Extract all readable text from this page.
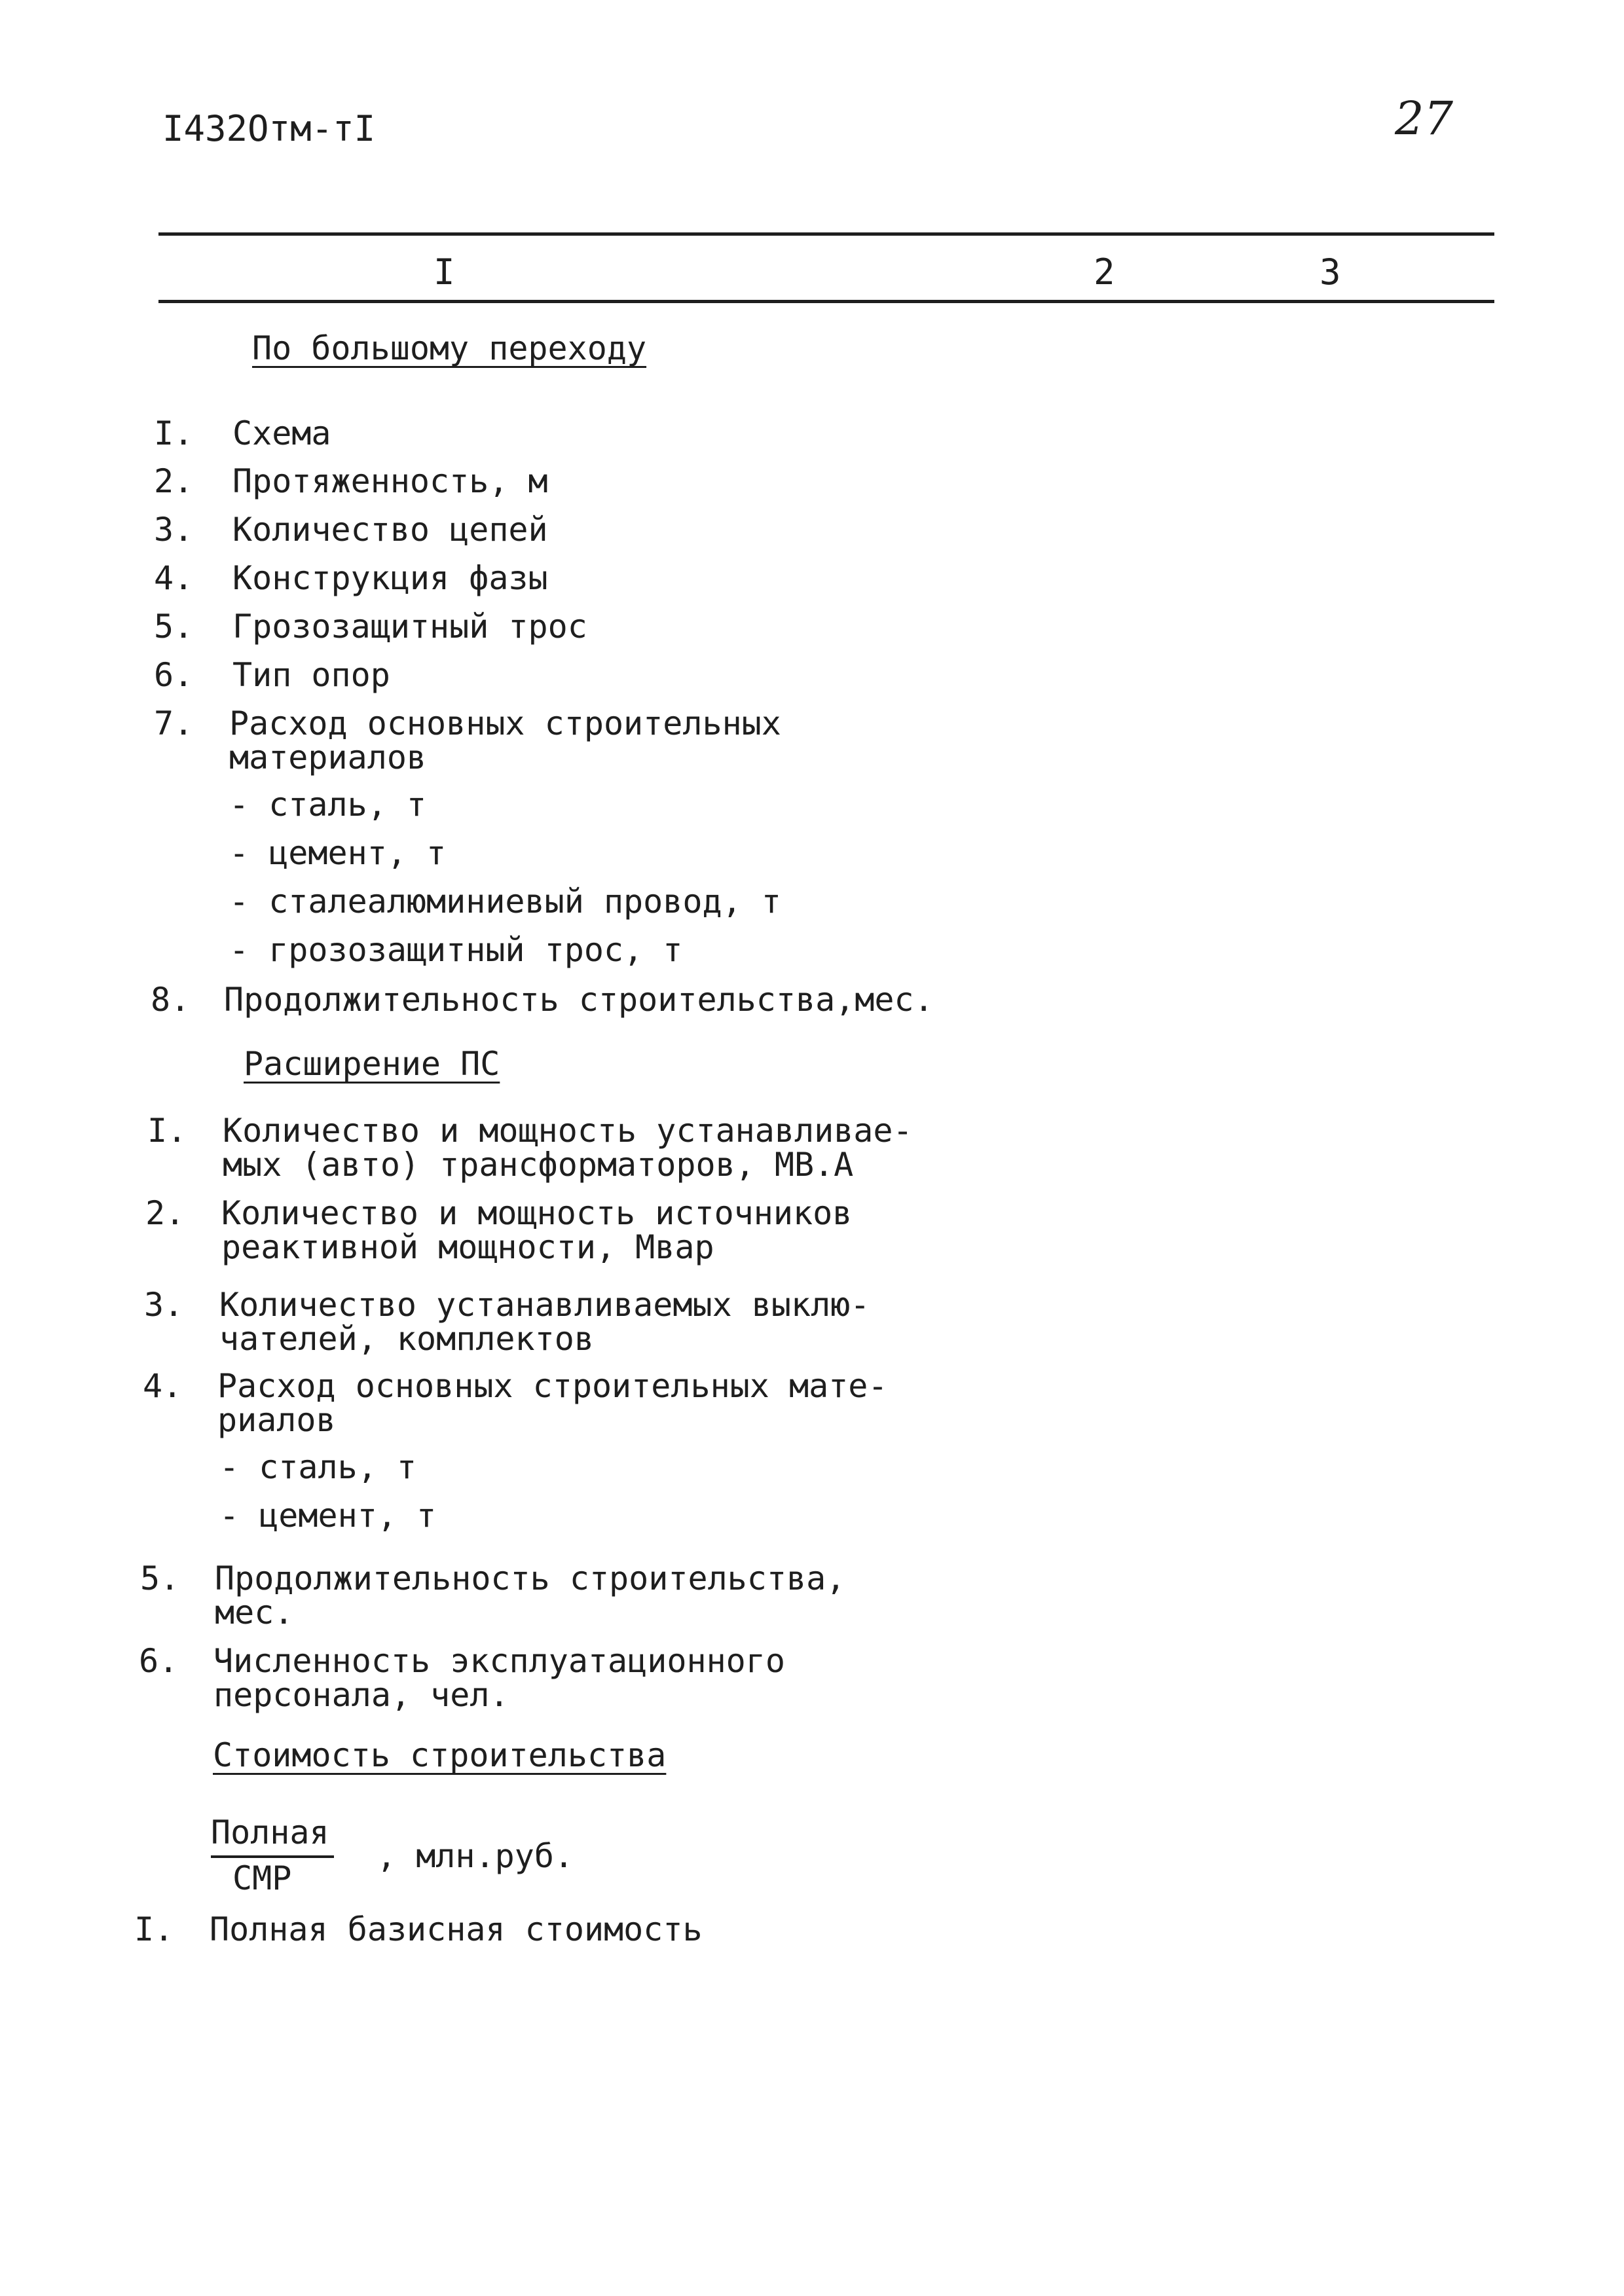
I432Oтм-тI	27
I	2	3
По большому переходу
I. Схема
2. Протяженность, м
3. Количество цепей
4. Конструкция фазы
5. Грозозащитный трос
6. Тип опор
7. Расход основных строительных
материалов
- сталь, т
- цемент, т
- сталеалюминиевый провод, т
- грозозащитный трос, т
8. Продолжительность строительства,мес.
Расширение ПС
I. Количество и мощность устанавливае-
мых (авто) трансформаторов, МВ.А
2. Количество и мощность источников
реактивной мощности, Мвар
3. Количество устанавливаемых выклю-
чателей, комплектов
4. Расход основных строительных мате-
риалов
- сталь, т
- цемент, т
5. Продолжительность строительства,
мес.
6. Численность эксплуатационного
персонала, чел.
Стоимость строительства
Полная
СМР
, млн.руб.
I. Полная базисная стоимость
